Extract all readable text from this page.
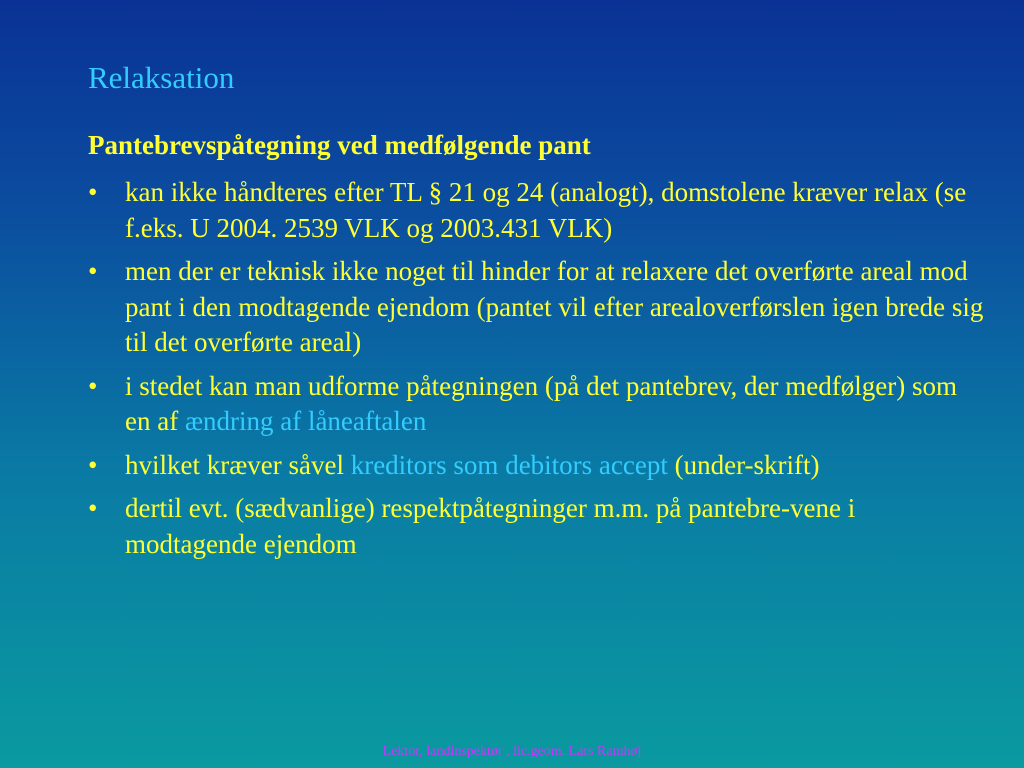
Relaksation
Pantebrevspåtegning ved medfølgende pant
• kan ikke håndteres efter TL § 21 og 24 (analogt), domstolene kræver relax (se f.eks. U 2004. 2539 VLK og 2003.431 VLK)
• men der er teknisk ikke noget til hinder for at relaxere det overførte areal mod pant i den modtagende ejendom (pantet vil efter arealoverførslen igen brede sig til det overførte areal)
• i stedet kan man udforme påtegningen (på det pantebrev, der medfølger) som en af ændring af låneaftalen
• hvilket kræver såvel kreditors som debitors accept (under-skrift)
• dertil evt. (sædvanlige) respektpåtegninger m.m. på pantebre-vene i modtagende ejendom
Lektor, landinspektør , lic.geom. Lars Ramhøj
